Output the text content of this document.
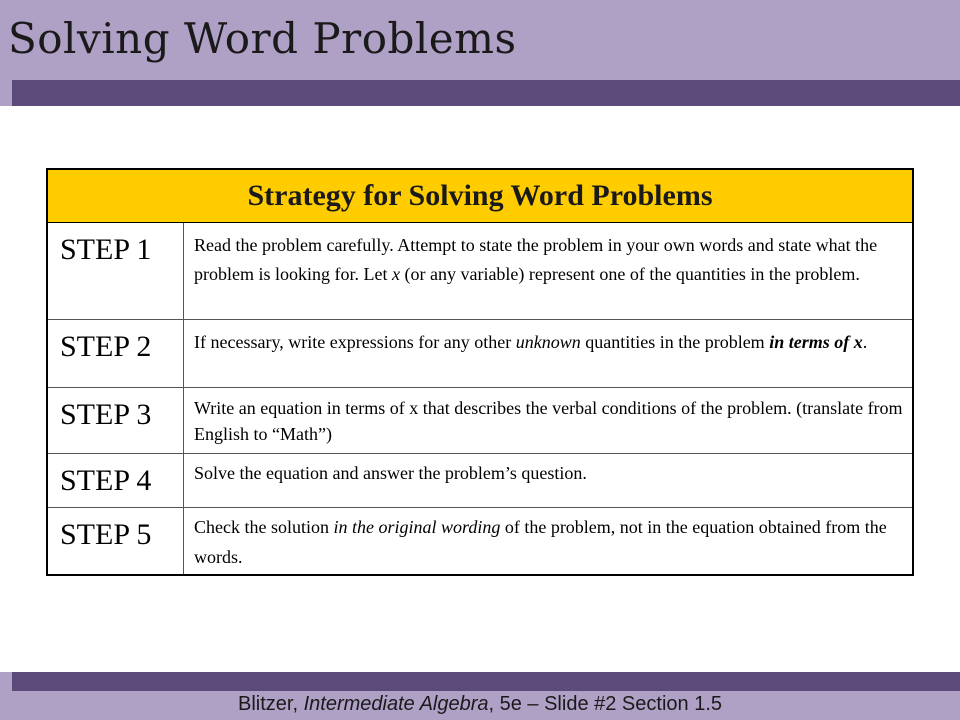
Solving Word Problems
Strategy for Solving Word Problems
STEP 1	Read the problem carefully. Attempt to state the problem in your own words and state what the problem is looking for. Let x (or any variable) represent one of the quantities in the problem.
STEP 2	If necessary, write expressions for any other unknown quantities in the problem in terms of x.
STEP 3	Write an equation in terms of x that describes the verbal conditions of the problem. (translate from English to “Math”)
STEP 4	Solve the equation and answer the problem’s question.
STEP 5	Check the solution in the original wording of the problem, not in the equation obtained from the words.
Blitzer, Intermediate Algebra, 5e – Slide #2 Section 1.5
